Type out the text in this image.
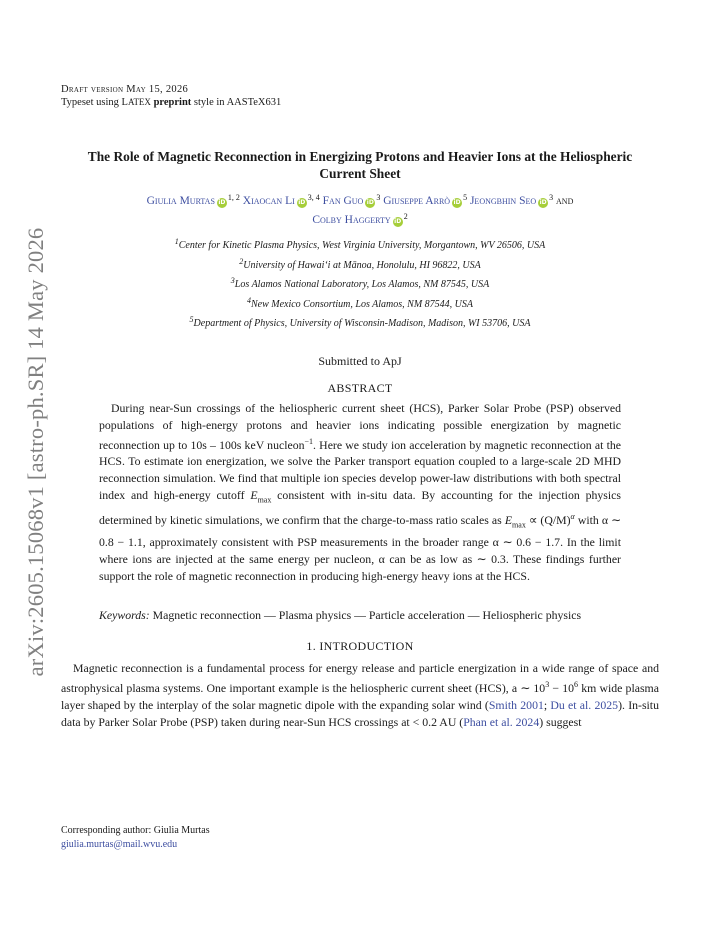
arXiv:2605.15068v1 [astro-ph.SR] 14 May 2026
Draft version May 15, 2026
Typeset using LATEX preprint style in AASTeX631
The Role of Magnetic Reconnection in Energizing Protons and Heavier Ions at the Heliospheric Current Sheet
Giulia Murtas iD$^{1, 2}$ Xiaocan Li iD$^{3, 4}$ Fan Guo $iD^3$ Giuseppe Arrò $iD^5$ Jeongbhin Seo $iD^3$ and
Colby Haggerty $iD^2$
$^1$Center for Kinetic Plasma Physics, West Virginia University, Morgantown, WV 26506, USA
$^2$University of Hawai‘i at Mānoa, Honolulu, HI 96822, USA
$^3$Los Alamos National Laboratory, Los Alamos, NM 87545, USA
$^4$New Mexico Consortium, Los Alamos, NM 87544, USA
$^5$Department of Physics, University of Wisconsin-Madison, Madison, WI 53706, USA
Submitted to ApJ
ABSTRACT
During near-Sun crossings of the heliospheric current sheet (HCS), Parker Solar Probe (PSP) observed populations of high-energy protons and heavier ions indicating possible energization by magnetic reconnection up to 10s – 100s keV nucleon$^{-1}$. Here we study ion acceleration by magnetic reconnection at the HCS. To estimate ion energization, we solve the Parker transport equation coupled to a large-scale 2D MHD reconnection simulation. We find that multiple ion species develop power-law distributions with both spectral index and high-energy cutoff $E_{max}$ consistent with in-situ data. By accounting for the injection physics determined by kinetic simulations, we confirm that the charge-to-mass ratio scales as $E_{max} \propto (Q/M)^\alpha$ with α ∼ 0.8 − 1.1, approximately consistent with PSP measurements in the broader range α ∼ 0.6 − 1.7. In the limit where ions are injected at the same energy per nucleon, α can be as low as ∼ 0.3. These findings further support the role of magnetic reconnection in producing high-energy heavy ions at the HCS.
Keywords: Magnetic reconnection — Plasma physics — Particle acceleration — Heliospheric physics
1. INTRODUCTION
Magnetic reconnection is a fundamental process for energy release and particle energization in a wide range of space and astrophysical plasma systems. One important example is the heliospheric current sheet (HCS), a ∼ $10^3 - 10^6$ km wide plasma layer shaped by the interplay of the solar magnetic dipole with the expanding solar wind (Smith 2001; Du et al. 2025). In-situ data by Parker Solar Probe (PSP) taken during near-Sun HCS crossings at < 0.2 AU (Phan et al. 2024) suggest
Corresponding author: Giulia Murtas
giulia.murtas@mail.wvu.edu
